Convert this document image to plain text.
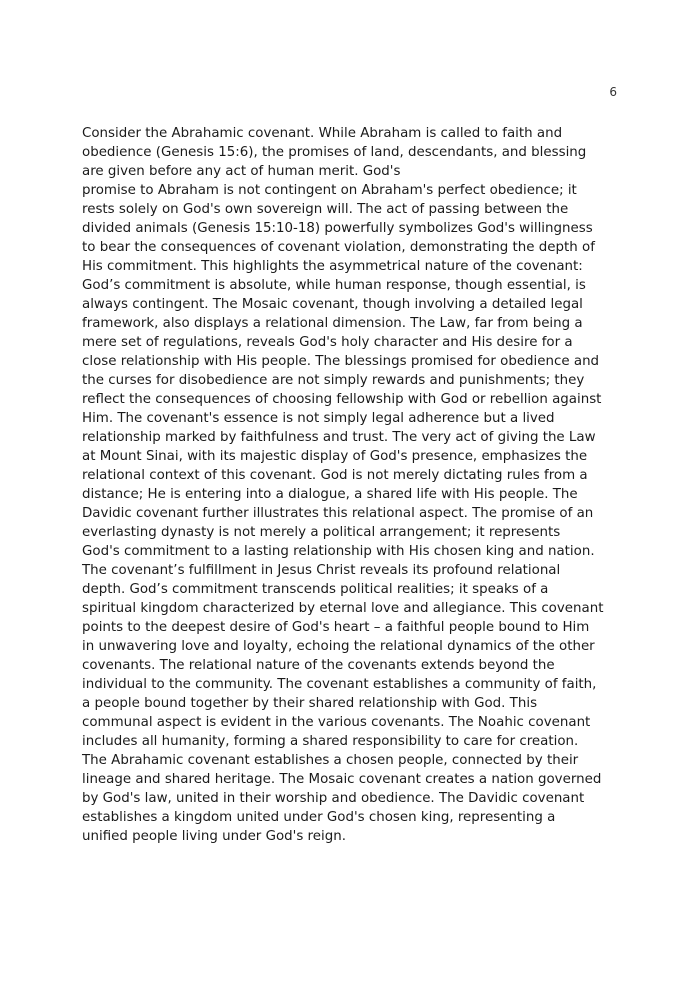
6
Consider the Abrahamic covenant. While Abraham is called to faith and
obedience (Genesis 15:6), the promises of land, descendants, and blessing
are given before any act of human merit. God's
promise to Abraham is not contingent on Abraham's perfect obedience; it
rests solely on God's own sovereign will. The act of passing between the
divided animals (Genesis 15:10-18) powerfully symbolizes God's willingness
to bear the consequences of covenant violation, demonstrating the depth of
His commitment. This highlights the asymmetrical nature of the covenant:
God’s commitment is absolute, while human response, though essential, is
always contingent. The Mosaic covenant, though involving a detailed legal
framework, also displays a relational dimension. The Law, far from being a
mere set of regulations, reveals God's holy character and His desire for a
close relationship with His people. The blessings promised for obedience and
the curses for disobedience are not simply rewards and punishments; they
reflect the consequences of choosing fellowship with God or rebellion against
Him. The covenant's essence is not simply legal adherence but a lived
relationship marked by faithfulness and trust. The very act of giving the Law
at Mount Sinai, with its majestic display of God's presence, emphasizes the
relational context of this covenant. God is not merely dictating rules from a
distance; He is entering into a dialogue, a shared life with His people. The
Davidic covenant further illustrates this relational aspect. The promise of an
everlasting dynasty is not merely a political arrangement; it represents
God's commitment to a lasting relationship with His chosen king and nation.
The covenant’s fulfillment in Jesus Christ reveals its profound relational
depth. God’s commitment transcends political realities; it speaks of a
spiritual kingdom characterized by eternal love and allegiance. This covenant
points to the deepest desire of God's heart – a faithful people bound to Him
in unwavering love and loyalty, echoing the relational dynamics of the other
covenants. The relational nature of the covenants extends beyond the
individual to the community. The covenant establishes a community of faith,
a people bound together by their shared relationship with God. This
communal aspect is evident in the various covenants. The Noahic covenant
includes all humanity, forming a shared responsibility to care for creation.
The Abrahamic covenant establishes a chosen people, connected by their
lineage and shared heritage. The Mosaic covenant creates a nation governed
by God's law, united in their worship and obedience. The Davidic covenant
establishes a kingdom united under God's chosen king, representing a
unified people living under God's reign.
